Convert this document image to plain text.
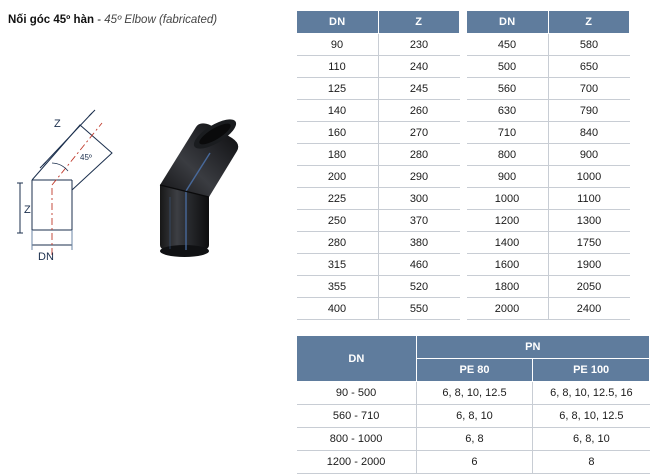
Nối góc 45º hàn - 45º Elbow (fabricated)
45º
Z
Z
DN
DN	Z
90	230
110	240
125	245
140	260
160	270
180	280
200	290
225	300
250	370
280	380
315	460
355	520
400	550
DN	Z
450	580
500	650
560	700
630	790
710	840
800	900
900	1000
1000	1100
1200	1300
1400	1750
1600	1900
1800	2050
2000	2400
DN	PN	
	PE 80	PE 100
90 - 500	6, 8, 10, 12.5	6, 8, 10, 12.5, 16
560 - 710	6, 8, 10	6, 8, 10, 12.5
800 - 1000	6, 8	6, 8, 10
1200 - 2000	6	8
